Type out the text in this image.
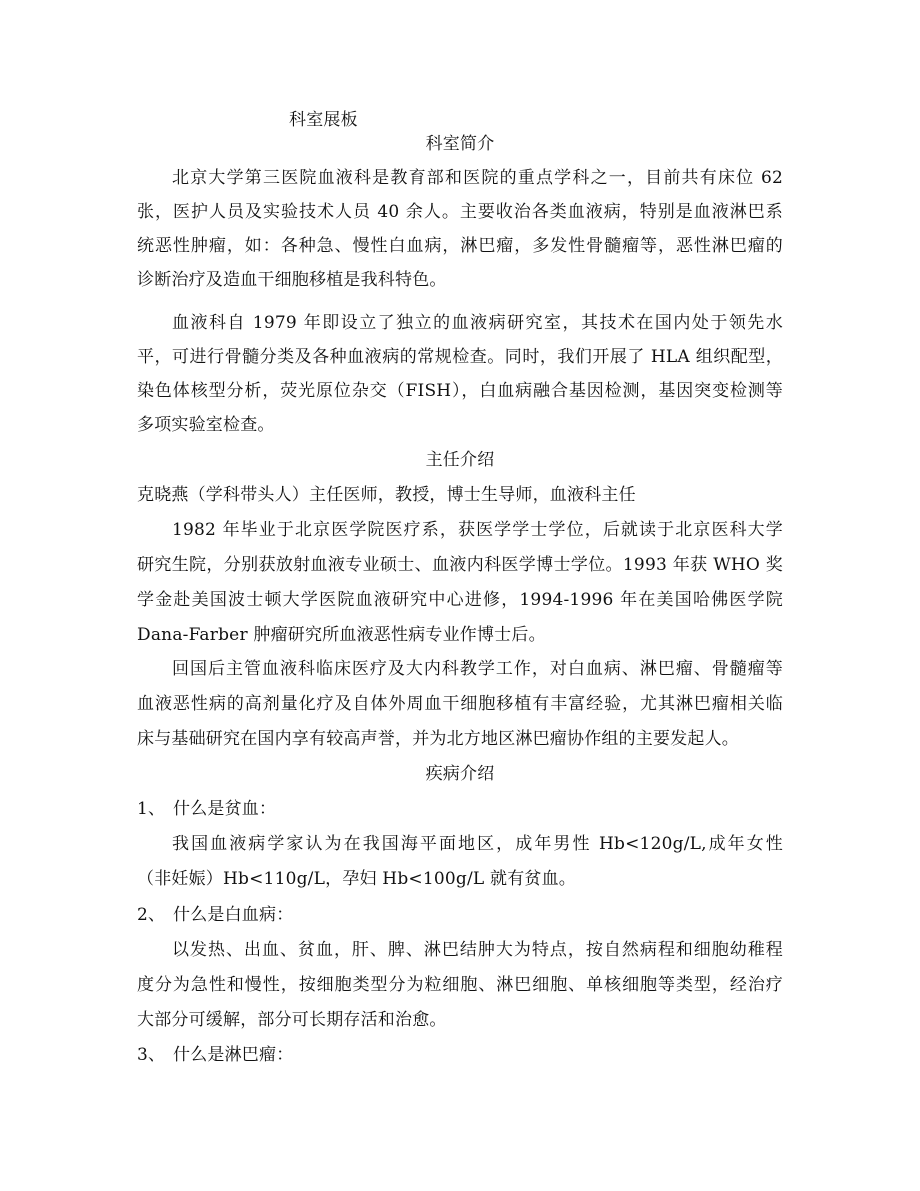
科室展板
科室简介
北京大学第三医院血液科是教育部和医院的重点学科之一，目前共有床位 62
张，医护人员及实验技术人员 40 余人。主要收治各类血液病，特别是血液淋巴系
统恶性肿瘤，如：各种急、慢性白血病，淋巴瘤，多发性骨髓瘤等，恶性淋巴瘤的
诊断治疗及造血干细胞移植是我科特色。
血液科自 1979 年即设立了独立的血液病研究室，其技术在国内处于领先水
平，可进行骨髓分类及各种血液病的常规检查。同时，我们开展了 HLA 组织配型，
染色体核型分析，荧光原位杂交（FISH），白血病融合基因检测，基因突变检测等
多项实验室检查。
主任介绍
克晓燕（学科带头人）主任医师，教授，博士生导师，血液科主任
1982 年毕业于北京医学院医疗系，获医学学士学位，后就读于北京医科大学
研究生院，分别获放射血液专业硕士、血液内科医学博士学位。1993 年获 WHO 奖
学金赴美国波士顿大学医院血液研究中心进修，1994-1996 年在美国哈佛医学院
Dana-Farber 肿瘤研究所血液恶性病专业作博士后。
回国后主管血液科临床医疗及大内科教学工作，对白血病、淋巴瘤、骨髓瘤等
血液恶性病的高剂量化疗及自体外周血干细胞移植有丰富经验，尤其淋巴瘤相关临
床与基础研究在国内享有较高声誉，并为北方地区淋巴瘤协作组的主要发起人。
疾病介绍
1、 什么是贫血：
我国血液病学家认为在我国海平面地区，成年男性 Hb<120g/L,成年女性
（非妊娠）Hb<110g/L，孕妇 Hb<100g/L 就有贫血。
2、 什么是白血病：
以发热、出血、贫血，肝、脾、淋巴结肿大为特点，按自然病程和细胞幼稚程
度分为急性和慢性，按细胞类型分为粒细胞、淋巴细胞、单核细胞等类型，经治疗
大部分可缓解，部分可长期存活和治愈。
3、 什么是淋巴瘤：
